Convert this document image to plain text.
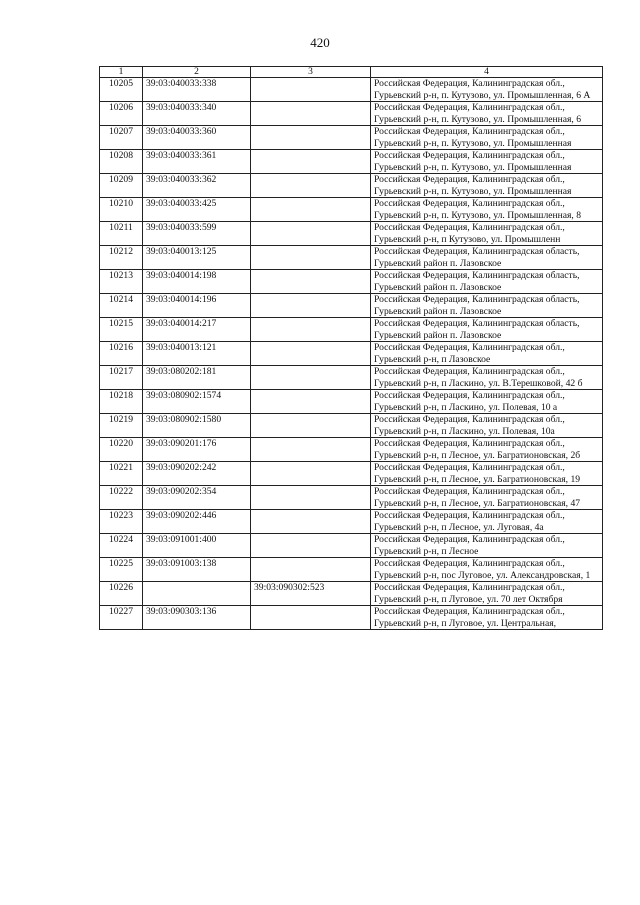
420
1	2	3	4
10205	39:03:040033:338		Российская Федерация, Калининградская обл., Гурьевский р-н, п. Кутузово, ул. Промышленная, 6 А
10206	39:03:040033:340		Российская Федерация, Калининградская обл., Гурьевский р-н, п. Кутузово, ул. Промышленная, 6
10207	39:03:040033:360		Российская Федерация, Калининградская обл., Гурьевский р-н, п. Кутузово, ул. Промышленная
10208	39:03:040033:361		Российская Федерация, Калининградская обл., Гурьевский р-н, п. Кутузово, ул. Промышленная
10209	39:03:040033:362		Российская Федерация, Калининградская обл., Гурьевский р-н, п. Кутузово, ул. Промышленная
10210	39:03:040033:425		Российская Федерация, Калининградская обл., Гурьевский р-н, п. Кутузово, ул. Промышленная, 8
10211	39:03:040033:599		Российская Федерация, Калининградская обл., Гурьевский р-н, п Кутузово, ул. Промышленн
10212	39:03:040013:125		Российская Федерация, Калининградская область, Гурьевский район п. Лазовское
10213	39:03:040014:198		Российская Федерация, Калининградская область, Гурьевский район п. Лазовское
10214	39:03:040014:196		Российская Федерация, Калининградская область, Гурьевский район п. Лазовское
10215	39:03:040014:217		Российская Федерация, Калининградская область, Гурьевский район п. Лазовское
10216	39:03:040013:121		Российская Федерация, Калининградская обл., Гурьевский р-н, п Лазовское
10217	39:03:080202:181		Российская Федерация, Калининградская обл., Гурьевский р-н, п Ласкино, ул. В.Терешковой, 42 б
10218	39:03:080902:1574		Российская Федерация, Калининградская обл., Гурьевский р-н, п Ласкино, ул. Полевая, 10 а
10219	39:03:080902:1580		Российская Федерация, Калининградская обл., Гурьевский р-н, п Ласкино, ул. Полевая, 10а
10220	39:03:090201:176		Российская Федерация, Калининградская обл., Гурьевский р-н, п Лесное, ул. Багратионовская, 2б
10221	39:03:090202:242		Российская Федерация, Калининградская обл., Гурьевский р-н, п Лесное, ул. Багратионовская, 19
10222	39:03:090202:354		Российская Федерация, Калининградская обл., Гурьевский р-н, п Лесное, ул. Багратионовская, 47
10223	39:03:090202:446		Российская Федерация, Калининградская обл., Гурьевский р-н, п Лесное, ул. Луговая, 4а
10224	39:03:091001:400		Российская Федерация, Калининградская обл., Гурьевский р-н, п Лесное
10225	39:03:091003:138		Российская Федерация, Калининградская обл., Гурьевский р-н, пос Луговое, ул. Александровская, 1
10226		39:03:090302:523	Российская Федерация, Калининградская обл., Гурьевский р-н, п Луговое, ул. 70 лет Октября
10227	39:03:090303:136		Российская Федерация, Калининградская обл., Гурьевский р-н, п Луговое, ул. Центральная,
